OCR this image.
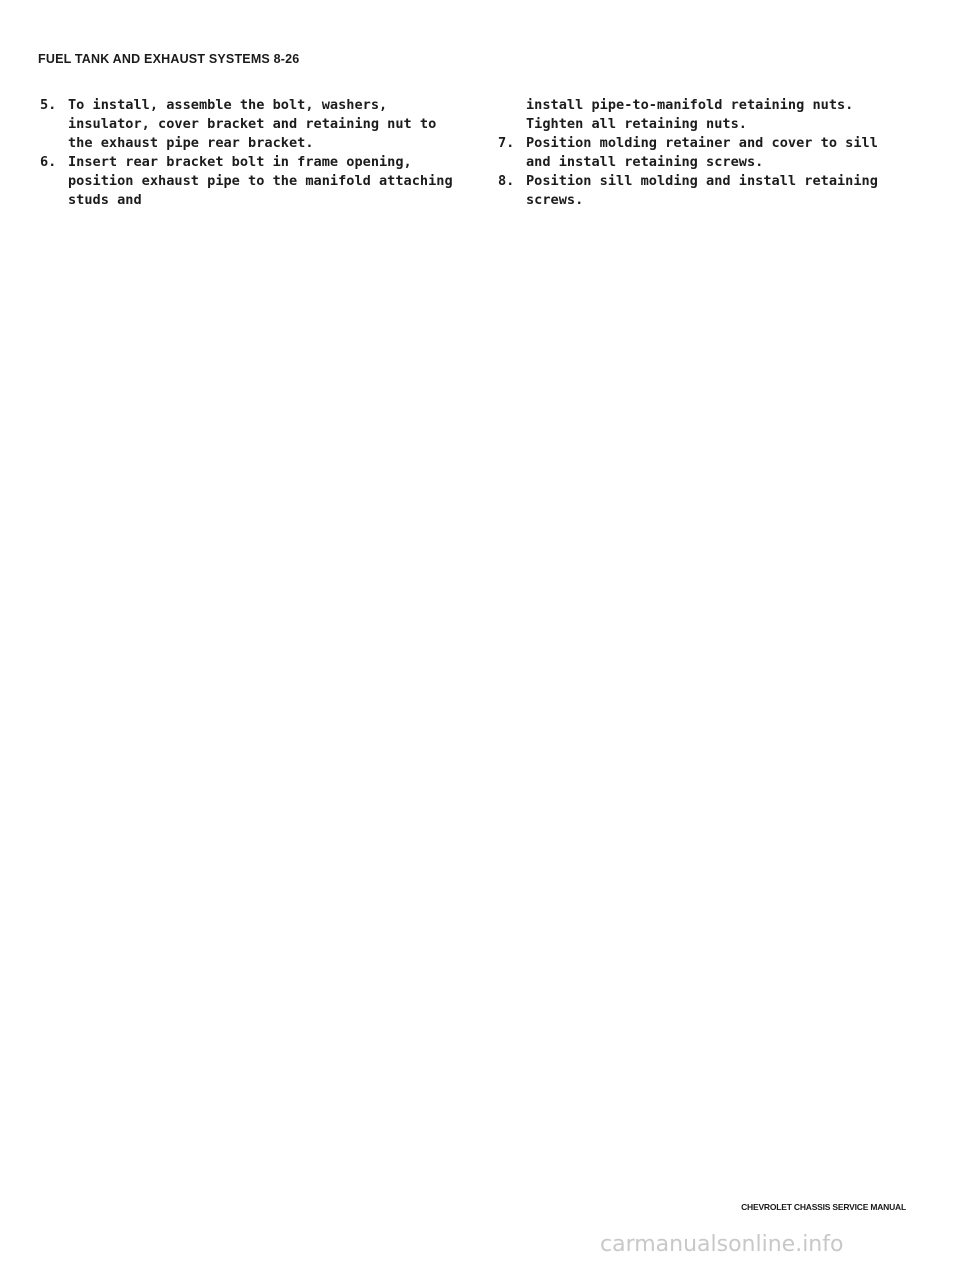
FUEL TANK AND EXHAUST SYSTEMS 8-26
5. To install, assemble the bolt, washers, insulator, cover bracket and retaining nut to the exhaust pipe rear bracket.
6. Insert rear bracket bolt in frame opening, position exhaust pipe to the manifold attaching studs and
install pipe-to-manifold retaining nuts. Tighten all retaining nuts.
7. Position molding retainer and cover to sill and install retaining screws.
8. Position sill molding and install retaining screws.
CHEVROLET CHASSIS SERVICE MANUAL
carmanualsonline.info
